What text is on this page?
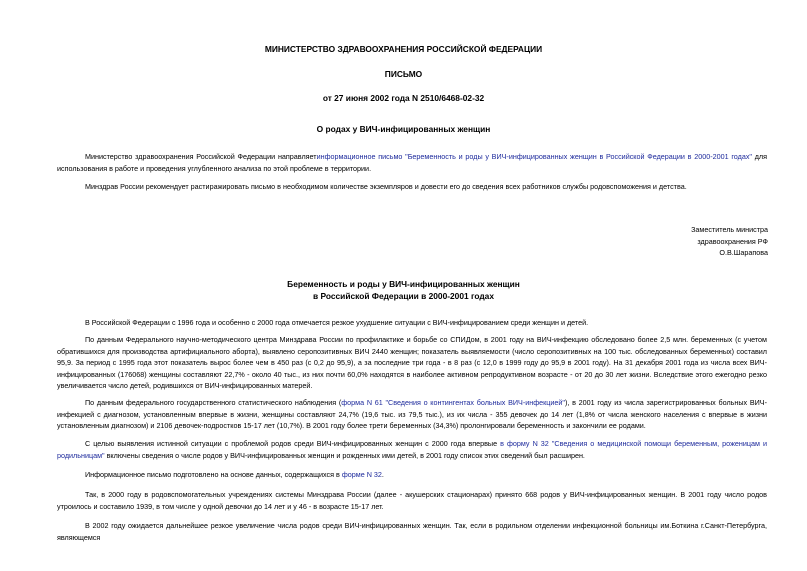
МИНИСТЕРСТВО ЗДРАВООХРАНЕНИЯ РОССИЙСКОЙ ФЕДЕРАЦИИ
ПИСЬМО
от 27 июня 2002 года N 2510/6468-02-32
О родах у ВИЧ-инфицированных женщин
Министерство здравоохранения Российской Федерации направляетинформационное письмо "Беременность и роды у ВИЧ-инфицированных женщин в Российской Федерации в 2000-2001 годах" для использования в работе и проведения углубленного анализа по этой проблеме в территории.
Минздрав России рекомендует растиражировать письмо в необходимом количестве экземпляров и довести его до сведения всех работников службы родовспоможения и детства.
Заместитель министра
здравоохранения РФ
О.В.Шарапова
Беременность и роды у ВИЧ-инфицированных женщин
в Российской Федерации в 2000-2001 годах
В Российской Федерации с 1996 года и особенно с 2000 года отмечается резкое ухудшение ситуации с ВИЧ-инфицированием среди женщин и детей.
По данным Федерального научно-методического центра Минздрава России по профилактике и борьбе со СПИДом, в 2001 году на ВИЧ-инфекцию обследовано более 2,5 млн. беременных (с учетом обратившихся для производства артифициального аборта), выявлено серопозитивных ВИЧ 2440 женщин; показатель выявляемости (число серопозитивных на 100 тыс. обследованных беременных) составил 95,9. За период с 1995 года этот показатель вырос более чем в 450 раз (с 0,2 до 95,9), а за последние три года - в 8 раз (с 12,0 в 1999 году до 95,9 в 2001 году). На 31 декабря 2001 года из числа всех ВИЧ-инфицированных (176068) женщины составляют 22,7% - около 40 тыс., из них почти 60,0% находятся в наиболее активном репродуктивном возрасте - от 20 до 30 лет жизни. Вследствие этого ежегодно резко увеличивается число детей, родившихся от ВИЧ-инфицированных матерей.
По данным федерального государственного статистического наблюдения (форма N 61 "Сведения о контингентах больных ВИЧ-инфекцией"), в 2001 году из числа зарегистрированных больных ВИЧ-инфекцией с диагнозом, установленным впервые в жизни, женщины составляют 24,7% (19,6 тыс. из 79,5 тыс.), из их числа - 355 девочек до 14 лет (1,8% от числа женского населения с впервые в жизни установленным диагнозом) и 2106 девочек-подростков 15-17 лет (10,7%). В 2001 году более трети беременных (34,3%) пролонгировали беременность и закончили ее родами.
С целью выявления истинной ситуации с проблемой родов среди ВИЧ-инфицированных женщин с 2000 года впервые в форму N 32 "Сведения о медицинской помощи беременным, роженицам и родильницам" включены сведения о числе родов у ВИЧ-инфицированных женщин и рожденных ими детей, в 2001 году список этих сведений был расширен.
Информационное письмо подготовлено на основе данных, содержащихся в форме N 32.
Так, в 2000 году в родовспомогательных учреждениях системы Минздрава России (далее - акушерских стационарах) принято 668 родов у ВИЧ-инфицированных женщин. В 2001 году число родов утроилось и составило 1939, в том числе у одной девочки до 14 лет и у 46 - в возрасте 15-17 лет.
В 2002 году ожидается дальнейшее резкое увеличение числа родов среди ВИЧ-инфицированных женщин. Так, если в родильном отделении инфекционной больницы им.Боткина г.Санкт-Петербурга, являющемся
